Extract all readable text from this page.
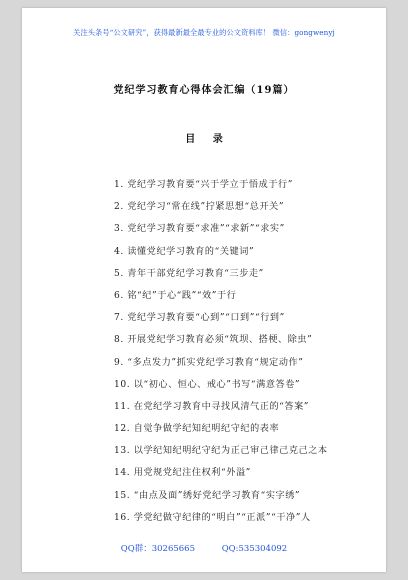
关注头条号“公文研究”，获得最新最全最专业的公文资料库！ 微信：gongwenyj
党纪学习教育心得体会汇编（19篇）
目 录
1. 党纪学习教育要“兴于学立于悟成于行”
2. 党纪学习“常在线”拧紧思想“总开关”
3. 党纪学习教育要“求准”“求新”“求实”
4. 读懂党纪学习教育的“关键词”
5. 青年干部党纪学习教育“三步走”
6. 铭“纪”于心“践”“效”于行
7. 党纪学习教育要“心到”“口到”“行到”
8. 开展党纪学习教育必须“筑坝、搭梗、除虫”
9. “多点发力”抓实党纪学习教育“规定动作”
10. 以“初心、恒心、戒心”书写“满意答卷”
11. 在党纪学习教育中寻找风清气正的“答案”
12. 自觉争做学纪知纪明纪守纪的表率
13. 以学纪知纪明纪守纪为正己审己律己克己之本
14. 用党规党纪注住权利“外溢”
15. “由点及面”绣好党纪学习教育“实字绣”
16. 学党纪做守纪律的“明白”“正派”“干净”人
QQ群：30265665	QQ:535304092
